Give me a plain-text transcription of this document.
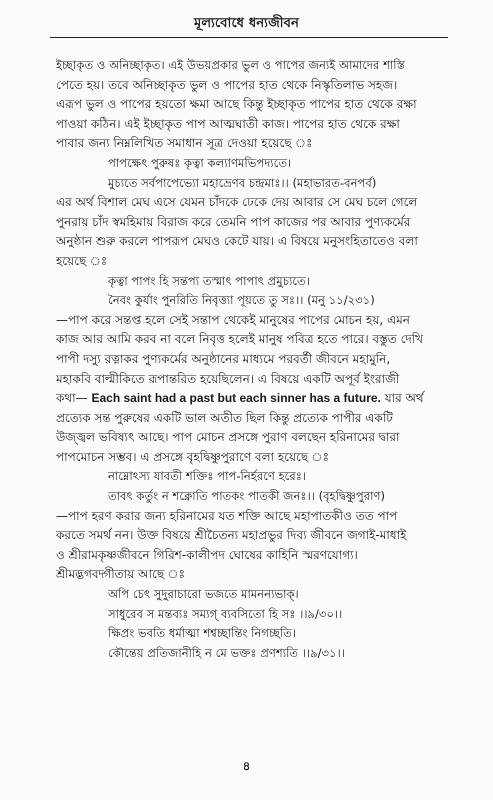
মূল্যবোধে ধন্যজীবন
ইচ্ছাকৃত ও অনিচ্ছাকৃত। এই উভয়প্রকার ভুল ও পাপের জন্যই আমাদের শাস্তি
পেতে হয়। তবে অনিচ্ছাকৃত ভুল ও পাপের হাত থেকে নিস্কৃতিলাভ সহজ।
এরূপ ভুল ও পাপের হয়তো ক্ষমা আছে কিন্তু ইচ্ছাকৃত পাপের হাত থেকে রক্ষা
পাওয়া কঠিন। এই ইচ্ছাকৃত পাপ আত্মঘাতী কাজ। পাপের হাত থেকে রক্ষা
পাবার জন্য নিম্নলিখিত সমাধান সূত্র দেওয়া হয়েছে ঃ
পাপক্ষেৎ পুরুষঃ কৃত্বা কল্যাণমভিপদ্যতে।
মুচ্যতে সর্বপাপেভ্যো মহাভ্রেণব চন্দ্রমাঃ।। (মহাভারত-বনপর্ব)
এর অর্থ বিশাল মেঘ এসে যেমন চাঁদকে ঢেকে দেয় আবার সে মেঘ চলে গেলে
পুনরায় চাঁদ স্বমহিমায় বিরাজ করে তেমনি পাপ কাজের পর আবার পুণ্যকর্মের
অনুষ্ঠান শুরু করলে পাপরূপ মেঘও কেটে যায়। এ বিষয়ে মনুসংহিতাতেও বলা
হয়েছে ঃ
কৃত্বা পাপং হি সন্তপ্য তস্মাৎ পাপাৎ প্রমুচ্যতে।
নৈবং কুর্যাং পুনরিতি নিবৃত্ত্যা পূয়তে তু সঃ।। (মনু ১১/২৩১)
—পাপ করে সন্তপ্ত হলে সেই সন্তাপ থেকেই মানুষের পাপের মোচন হয়, এমন
কাজ আর আমি করব না বলে নিবৃত্ত হলেই মানুষ পবিত্র হতে পারে। বস্তুত দেখি
পাপী দস্যু রত্নাকর পুণ্যকর্মের অনুষ্ঠানের মাধ্যমে পরবর্তী জীবনে মহামুনি,
মহাকবি বাল্মীকিতে রূপান্তরিত হয়েছিলেন। এ বিষয়ে একটি অপূর্ব ইংরাজী
কথা— Each saint had a past but each sinner has a future. যার অর্থ
প্রত্যেক সন্ত পুরুষের একটি ভাল অতীত ছিল কিন্তু প্রত্যেক পাপীর একটি
উজ্জ্বল ভবিষ্যৎ আছে। পাপ মোচন প্রসঙ্গে পুরাণ বলছেন হরিনামের দ্বারা
পাপমোচন সম্ভব। এ প্রসঙ্গে বৃহদ্বিষ্ণুপুরাণে বলা হয়েছে ঃ
নাম্নোঽস্য যাবতী শক্তিঃ পাপ-নির্হরণে হরেঃ।
তাবৎ কর্তুং ন শক্নোতি পাতকং পাতকী জনঃ।। (বৃহদ্বিষ্ণুপুরাণ)
—পাপ হরণ করার জন্য হরিনামের যত শক্তি আছে মহাপাতকীও তত পাপ
করতে সমর্থ নন। উক্ত বিষয়ে শ্রীচৈতন্য মহাপ্রভুর দিব্য জীবনে জগাই-মাধাই
ও শ্রীরামকৃষ্ণজীবনে গিরিশ-কালীপদ ঘোষের কাহিনি স্মরণযোগ্য।
শ্রীমদ্ভগবদ্গীতায় আছে ঃ
অপি চেৎ সুদুরাচারো ভজতে মামনন্যভাক্।
সাধুরেব স মন্তব্যঃ সম্যগ্ ব্যবসিতো হি সঃ ।।৯/৩০।।
ক্ষিপ্রং ভবতি ধর্মাত্মা শশ্বচ্ছান্তিং নিগচ্ছতি।
কৌন্তেয় প্রতিজানীহি ন মে ভক্তঃ প্রণশ্যতি ।।৯/৩১।।
৪
